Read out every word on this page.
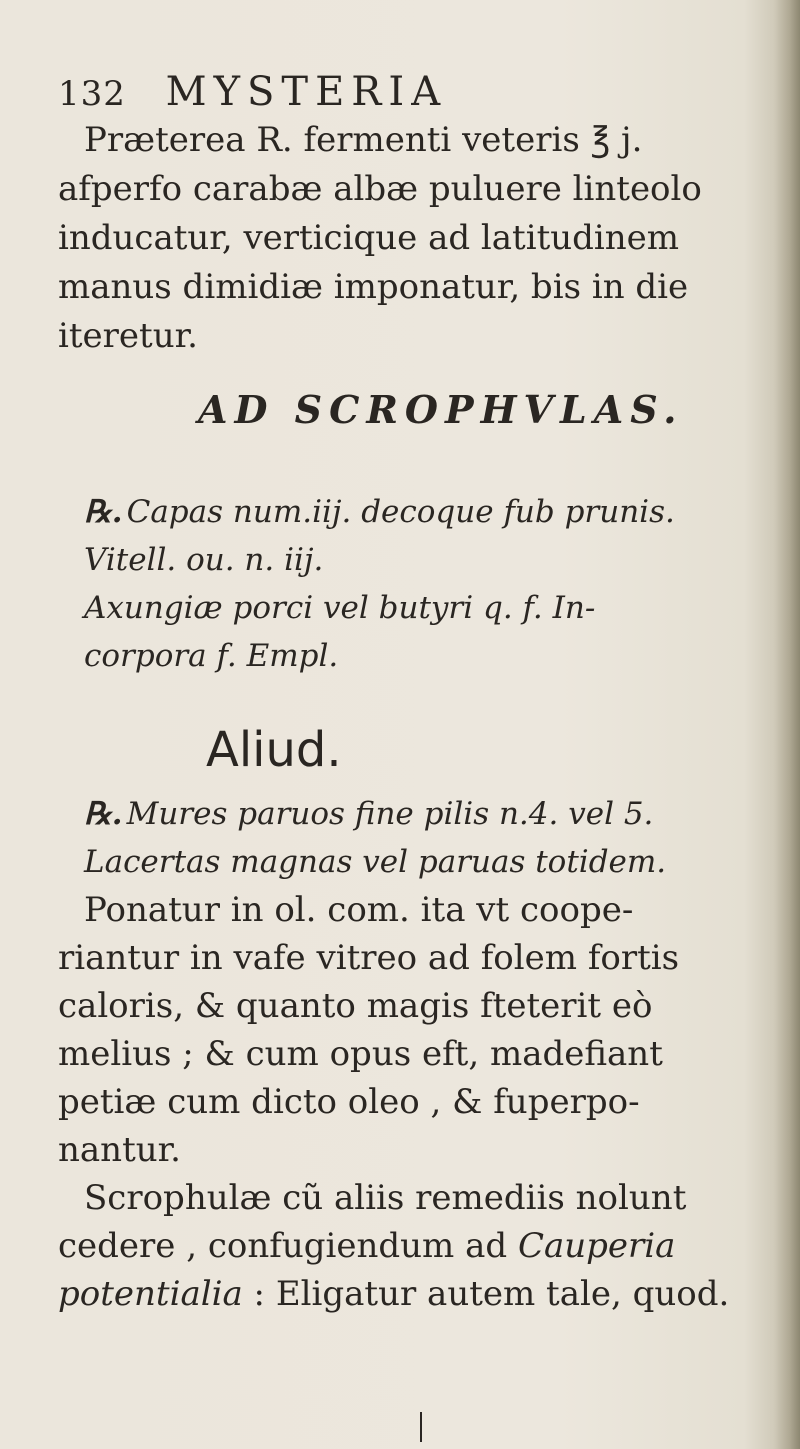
132 MYSTERIA
Præterea R. fermenti veteris ℥ j.
afperfo carabæ albæ puluere linteolo
inducatur, verticique ad latitudinem
manus dimidiæ imponatur, bis in die
iteretur.
AD SCROPHVLAS.
℞. Capas num.iij. decoque fub prunis.
Vitell. ou. n. iij.
Axungiæ porci vel butyri q. f. In-
corpora f. Empl.
Aliud.
℞. Mures paruos fine pilis n.4. vel 5.
Lacertas magnas vel paruas totidem.
Ponatur in ol. com. ita vt coope-
riantur in vafe vitreo ad folem fortis
caloris, & quanto magis fteterit eò
melius ; & cum opus eft, madefiant
petiæ cum dicto oleo , & fuperpo-
nantur.
Scrophulæ cũ aliis remediis nolunt
cedere , confugiendum ad Cauperia
potentialia : Eligatur autem tale, quod.
